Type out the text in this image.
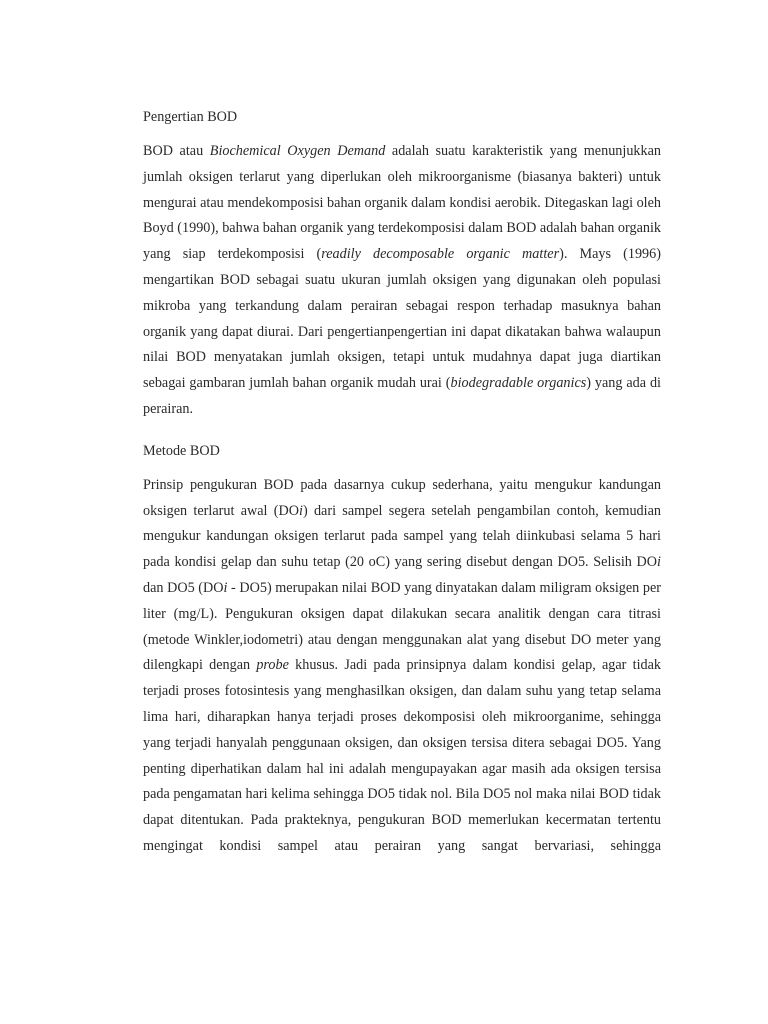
Pengertian BOD

BOD atau Biochemical Oxygen Demand adalah suatu karakteristik yang menunjukkan jumlah oksigen terlarut yang diperlukan oleh mikroorganisme (biasanya bakteri) untuk mengurai atau mendekomposisi bahan organik dalam kondisi aerobik. Ditegaskan lagi oleh Boyd (1990), bahwa bahan organik yang terdekomposisi dalam BOD adalah bahan organik yang siap terdekomposisi (readily decomposable organic matter). Mays (1996) mengartikan BOD sebagai suatu ukuran jumlah oksigen yang digunakan oleh populasi mikroba yang terkandung dalam perairan sebagai respon terhadap masuknya bahan organik yang dapat diurai. Dari pengertianpengertian ini dapat dikatakan bahwa walaupun nilai BOD menyatakan jumlah oksigen, tetapi untuk mudahnya dapat juga diartikan sebagai gambaran jumlah bahan organik mudah urai (biodegradable organics) yang ada di perairan.

Metode BOD

Prinsip pengukuran BOD pada dasarnya cukup sederhana, yaitu mengukur kandungan oksigen terlarut awal (DOi) dari sampel segera setelah pengambilan contoh, kemudian mengukur kandungan oksigen terlarut pada sampel yang telah diinkubasi selama 5 hari pada kondisi gelap dan suhu tetap (20 oC) yang sering disebut dengan DO5. Selisih DOi dan DO5 (DOi - DO5) merupakan nilai BOD yang dinyatakan dalam miligram oksigen per liter (mg/L). Pengukuran oksigen dapat dilakukan secara analitik dengan cara titrasi (metode Winkler,iodometri) atau dengan menggunakan alat yang disebut DO meter yang dilengkapi dengan probe khusus. Jadi pada prinsipnya dalam kondisi gelap, agar tidak terjadi proses fotosintesis yang menghasilkan oksigen, dan dalam suhu yang tetap selama lima hari, diharapkan hanya terjadi proses dekomposisi oleh mikroorganime, sehingga yang terjadi hanyalah penggunaan oksigen, dan oksigen tersisa ditera sebagai DO5. Yang penting diperhatikan dalam hal ini adalah mengupayakan agar masih ada oksigen tersisa pada pengamatan hari kelima sehingga DO5 tidak nol. Bila DO5 nol maka nilai BOD tidak dapat ditentukan. Pada prakteknya, pengukuran BOD memerlukan kecermatan tertentu mengingat kondisi sampel atau perairan yang sangat bervariasi, sehingga
